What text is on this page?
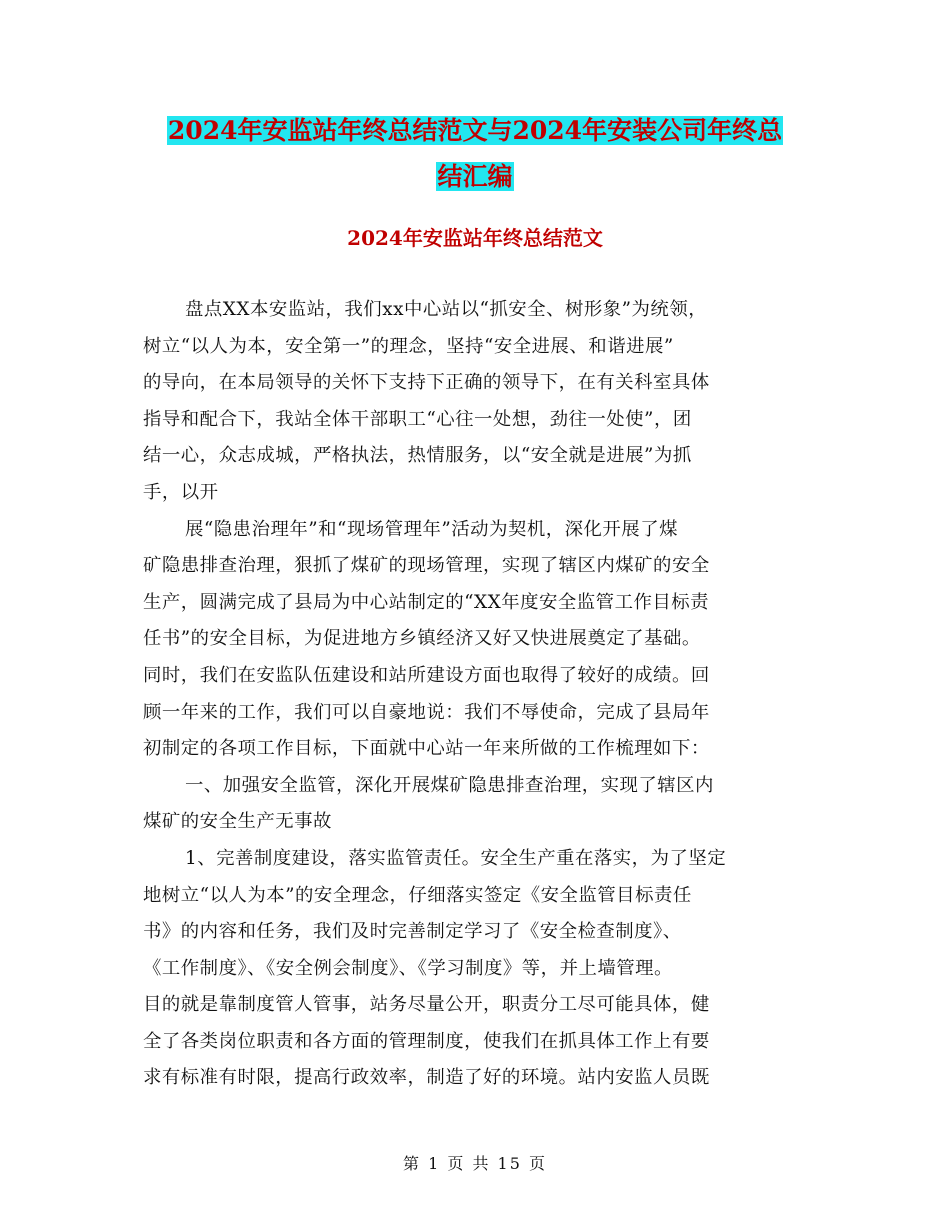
2024年安监站年终总结范文与2024年安装公司年终总
结汇编
2024年安监站年终总结范文
盘点XX本安监站，我们xx中心站以“抓安全、树形象”为统领，
树立“以人为本，安全第一”的理念，坚持“安全进展、和谐进展”
的导向，在本局领导的关怀下支持下正确的领导下，在有关科室具体
指导和配合下，我站全体干部职工“心往一处想，劲往一处使”，团
结一心，众志成城，严格执法，热情服务，以“安全就是进展”为抓
手，以开
展“隐患治理年”和“现场管理年”活动为契机，深化开展了煤
矿隐患排查治理，狠抓了煤矿的现场管理，实现了辖区内煤矿的安全
生产，圆满完成了县局为中心站制定的“XX年度安全监管工作目标责
任书”的安全目标，为促进地方乡镇经济又好又快进展奠定了基础。
同时，我们在安监队伍建设和站所建设方面也取得了较好的成绩。回
顾一年来的工作，我们可以自豪地说：我们不辱使命，完成了县局年
初制定的各项工作目标，下面就中心站一年来所做的工作梳理如下：
一、加强安全监管，深化开展煤矿隐患排查治理，实现了辖区内
煤矿的安全生产无事故
1、完善制度建设，落实监管责任。安全生产重在落实，为了坚定
地树立“以人为本”的安全理念，仔细落实签定《安全监管目标责任
书》的内容和任务，我们及时完善制定学习了《安全检查制度》、
《工作制度》、《安全例会制度》、《学习制度》等，并上墙管理。
目的就是靠制度管人管事，站务尽量公开，职责分工尽可能具体，健
全了各类岗位职责和各方面的管理制度，使我们在抓具体工作上有要
求有标准有时限，提高行政效率，制造了好的环境。站内安监人员既
第 1 页 共 15 页
